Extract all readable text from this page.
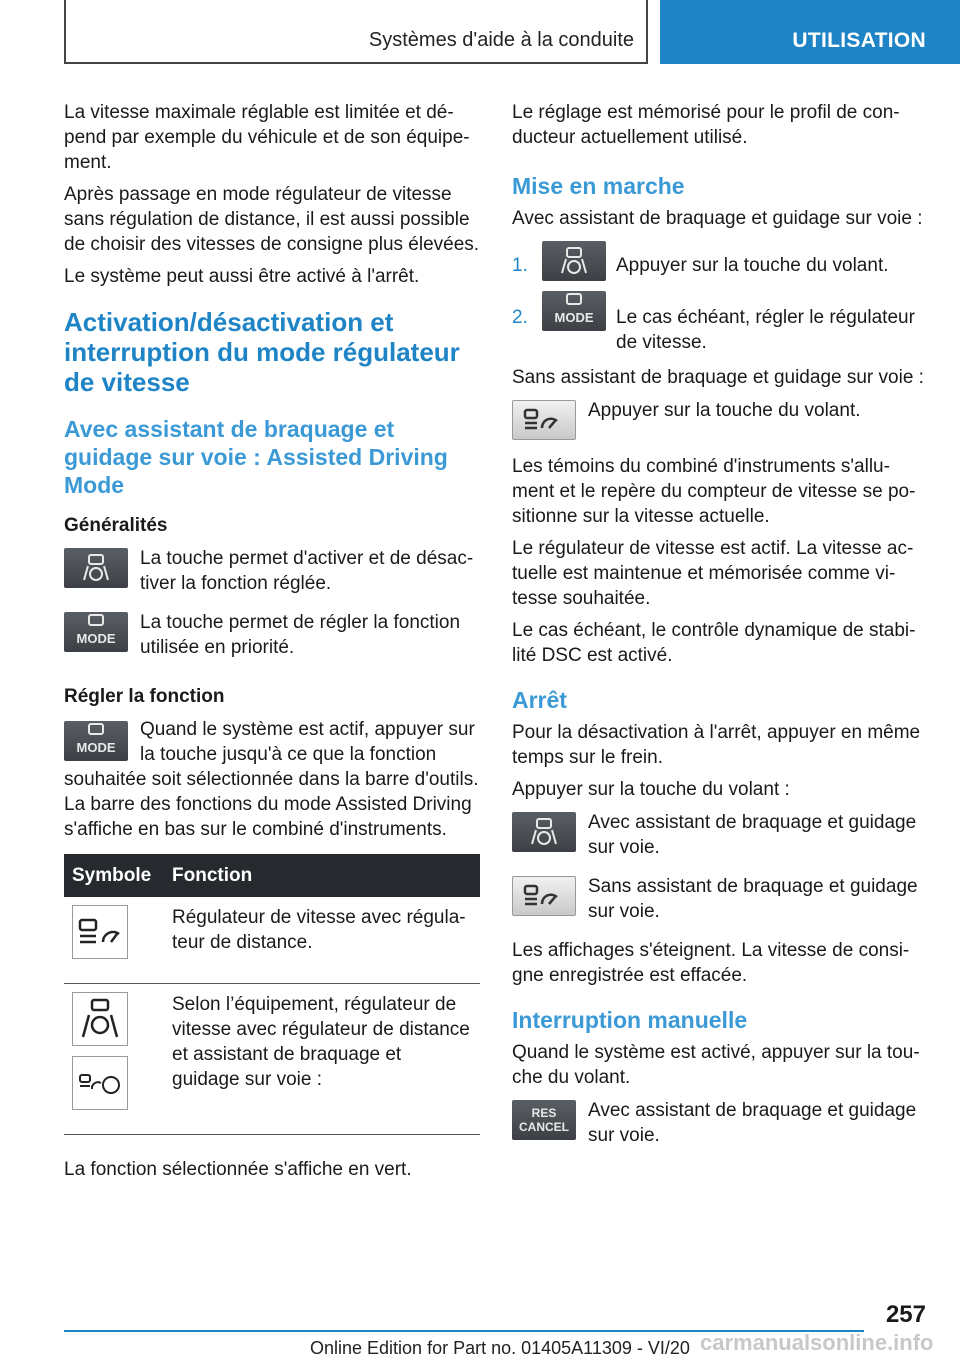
Systèmes d'aide à la conduite	UTILISATION

La vitesse maximale réglable est limitée et dépend par exemple du véhicule et de son équipement.

Après passage en mode régulateur de vitesse sans régulation de distance, il est aussi possible de choisir des vitesses de consigne plus élevées.

Le système peut aussi être activé à l'arrêt.

Activation/désactivation et interruption du mode régulateur de vitesse
Avec assistant de braquage et guidage sur voie : Assisted Driving Mode
Généralités
La touche permet d'activer et de désactiver la fonction réglée.
MODE
La touche permet de régler la fonction utilisée en priorité.
Régler la fonction
MODE
Quand le système est actif, appuyer sur la touche jusqu'à ce que la fonction souhaitée soit sélectionnée dans la barre d'outils. La barre des fonctions du mode Assisted Driving s'affiche en bas sur le combiné d'instruments.
Symbole	Fonction

	Régulateur de vitesse avec régulateur de distance.

	Selon l’équipement, régulateur de vitesse avec régulateur de distance et assistant de braquage et guidage sur voie :

La fonction sélectionnée s'affiche en vert.

Le réglage est mémorisé pour le profil de conducteur actuellement utilisé.

Mise en marche

Avec assistant de braquage et guidage sur voie :

1.	Appuyer sur la touche du volant.
2.	MODE	Le cas échéant, régler le régulateur de vitesse.

Sans assistant de braquage et guidage sur voie :

Appuyer sur la touche du volant.

Les témoins du combiné d'instruments s'allument et le repère du compteur de vitesse se positionne sur la vitesse actuelle.

Le régulateur de vitesse est actif. La vitesse actuelle est maintenue et mémorisée comme vitesse souhaitée.

Le cas échéant, le contrôle dynamique de stabilité DSC est activé.

Arrêt

Pour la désactivation à l'arrêt, appuyer en même temps sur le frein.

Appuyer sur la touche du volant :

Avec assistant de braquage et guidage sur voie.
Sans assistant de braquage et guidage sur voie.

Les affichages s'éteignent. La vitesse de consigne enregistrée est effacée.

Interruption manuelle

Quand le système est activé, appuyer sur la touche du volant.

RES
CANCEL
Avec assistant de braquage et guidage sur voie.
257
Online Edition for Part no. 01405A11309 - VI/20 carmanualsonline.info
